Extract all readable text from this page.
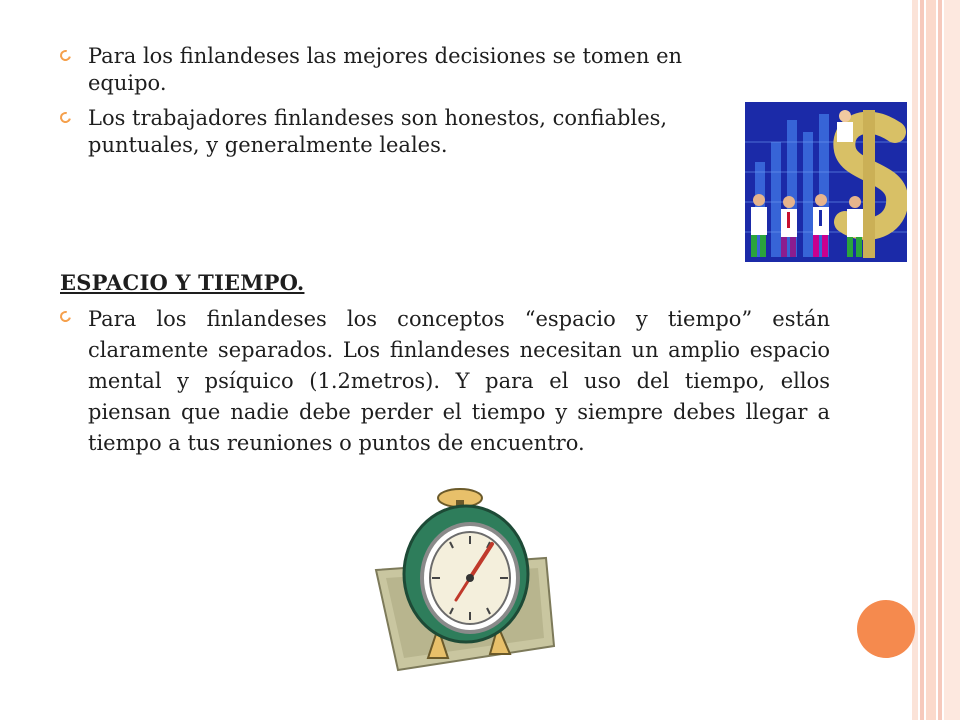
Para los finlandeses las mejores decisiones se tomen en equipo.
Los trabajadores finlandeses son honestos, confiables, puntuales, y generalmente leales.
ESPACIO Y TIEMPO.
Para los finlandeses los conceptos “espacio y tiempo” están claramente separados. Los finlandeses necesitan un amplio espacio mental y psíquico (1.2metros). Y para el uso del tiempo, ellos piensan que nadie debe perder el tiempo y siempre debes llegar a tiempo a tus reuniones o puntos de encuentro.
